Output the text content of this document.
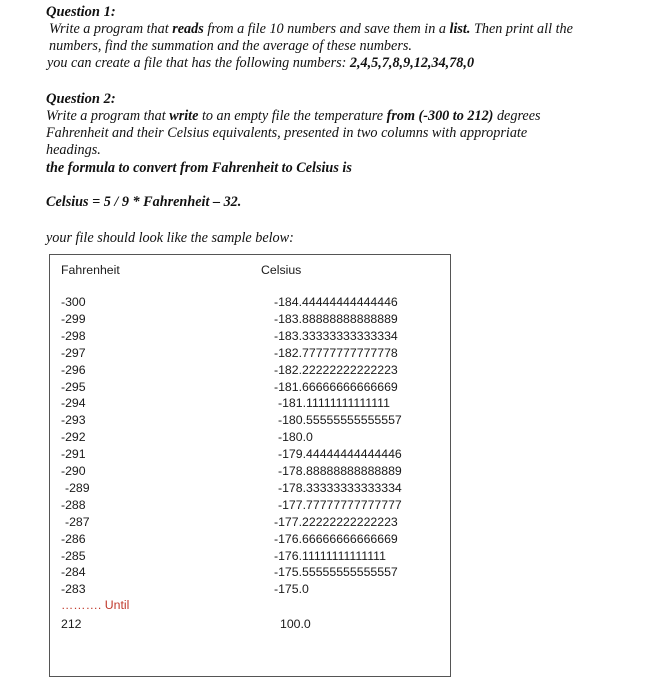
Question 1:
Write a program that reads from a file 10 numbers and save them in a list. Then print all the
numbers, find the summation and the average of these numbers.
you can create a file that has the following numbers: 2,4,5,7,8,9,12,34,78,0
Question 2:
Write a program that write to an empty file the temperature from (-300 to 212) degrees
Fahrenheit and their Celsius equivalents, presented in two columns with appropriate
headings.
the formula to convert from Fahrenheit to Celsius is
Celsius = 5 / 9 * Fahrenheit – 32.
your file should look like the sample below:
Fahrenheit	Celsius
-300	-184.44444444444446
-299	-183.88888888888889
-298	-183.33333333333334
-297	-182.77777777777778
-296	-182.22222222222223
-295	-181.66666666666669
-294	-181.11111111111111
-293	-180.55555555555557
-292	-180.0
-291	-179.44444444444446
-290	-178.88888888888889
-289	-178.33333333333334
-288	-177.77777777777777
-287	-177.22222222222223
-286	-176.66666666666669
-285	-176.11111111111111
-284	-175.55555555555557
-283	-175.0
………. Until
212	100.0
